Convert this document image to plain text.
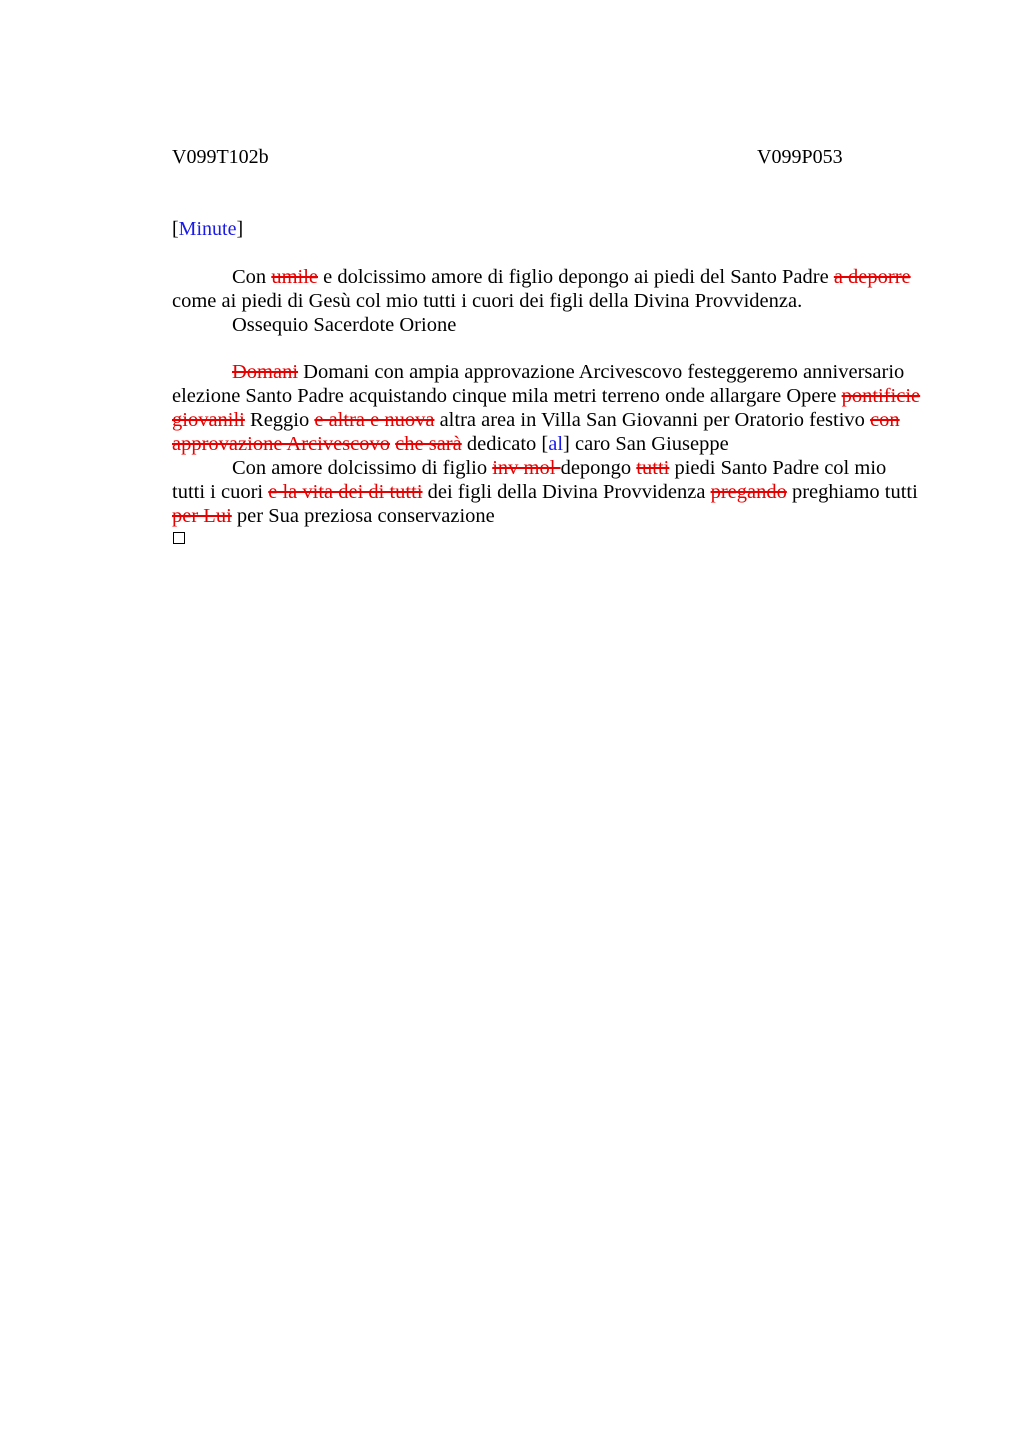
V099T102b	V099P053
[Minute]
Con umile e dolcissimo amore di figlio depongo ai piedi del Santo Padre a deporre
come ai piedi di Gesù col mio tutti i cuori dei figli della Divina Provvidenza.
Ossequio Sacerdote Orione
Domani Domani con ampia approvazione Arcivescovo festeggeremo anniversario
elezione Santo Padre acquistando cinque mila metri terreno onde allargare Opere pontificie
giovanili Reggio e altra e nuova altra area in Villa San Giovanni per Oratorio festivo con
approvazione Arcivescovo che sarà dedicato [al] caro San Giuseppe
Con amore dolcissimo di figlio inv mol depongo tutti piedi Santo Padre col mio
tutti i cuori e la vita dei di tutti dei figli della Divina Provvidenza pregando preghiamo tutti
per Lui per Sua preziosa conservazione
